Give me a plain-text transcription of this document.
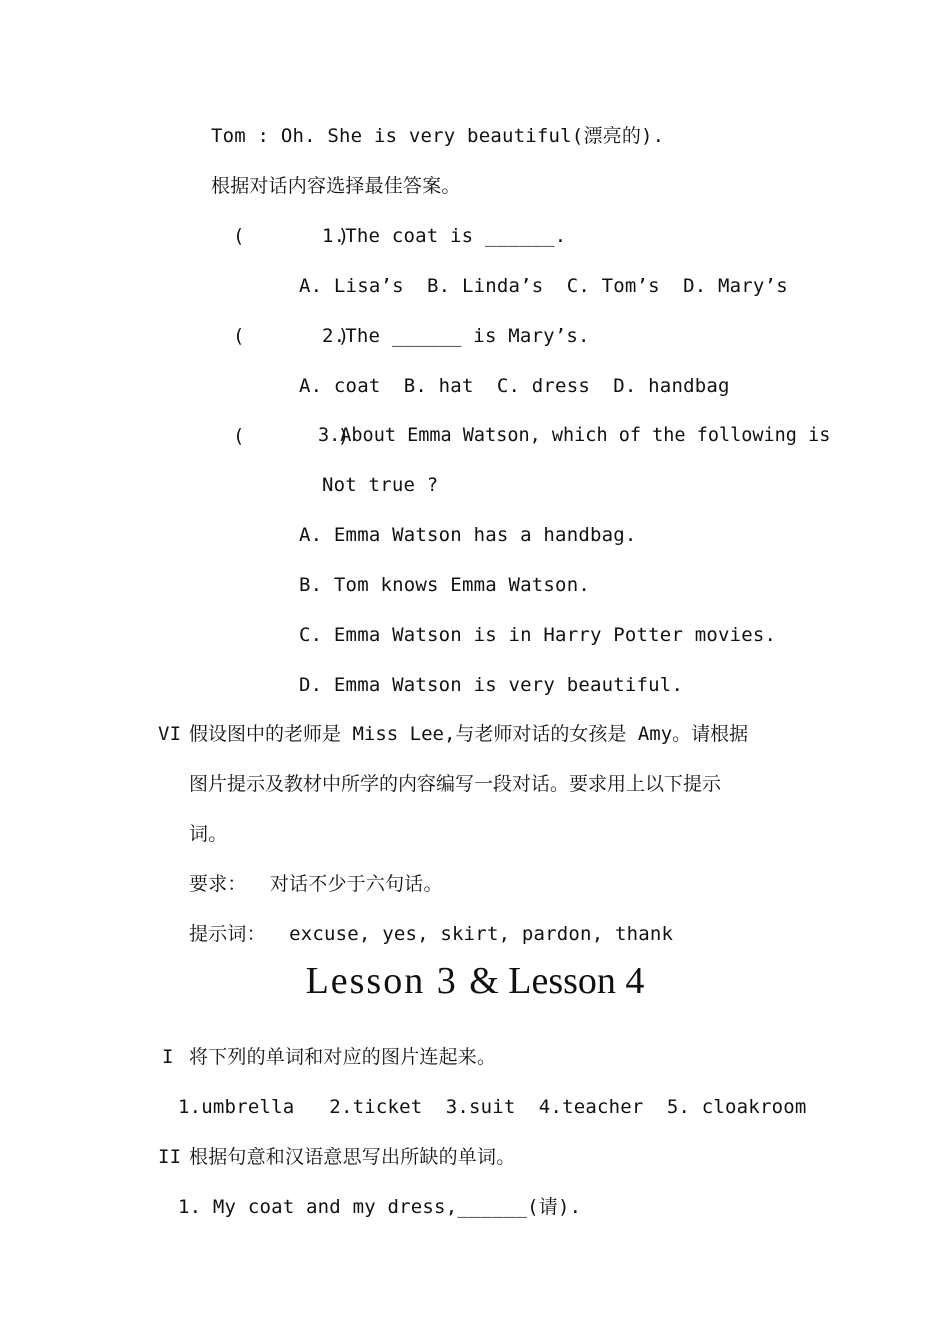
Tom : Oh. She is very beautiful(漂亮的).
根据对话内容选择最佳答案。
(        )
1.The coat is ______.
A. Lisa’s  B. Linda’s  C. Tom’s  D. Mary’s
(        )
2.The ______ is Mary’s.
A. coat  B. hat  C. dress  D. handbag
(        )
3.About Emma Watson, which of the following is
Not true ?
A. Emma Watson has a handbag.
B. Tom knows Emma Watson.
C. Emma Watson is in Harry Potter movies.
D. Emma Watson is very beautiful.
VI 假设图中的老师是 Miss Lee,与老师对话的女孩是 Amy。请根据
图片提示及教材中所学的内容编写一段对话。要求用上以下提示
词。
要求：  对话不少于六句话。
提示词：  excuse, yes, skirt, pardon, thank
Lesson 3 & Lesson 4
I 将下列的单词和对应的图片连起来。
1.umbrella   2.ticket  3.suit  4.teacher  5. cloakroom
II 根据句意和汉语意思写出所缺的单词。
1. My coat and my dress,______(请).
